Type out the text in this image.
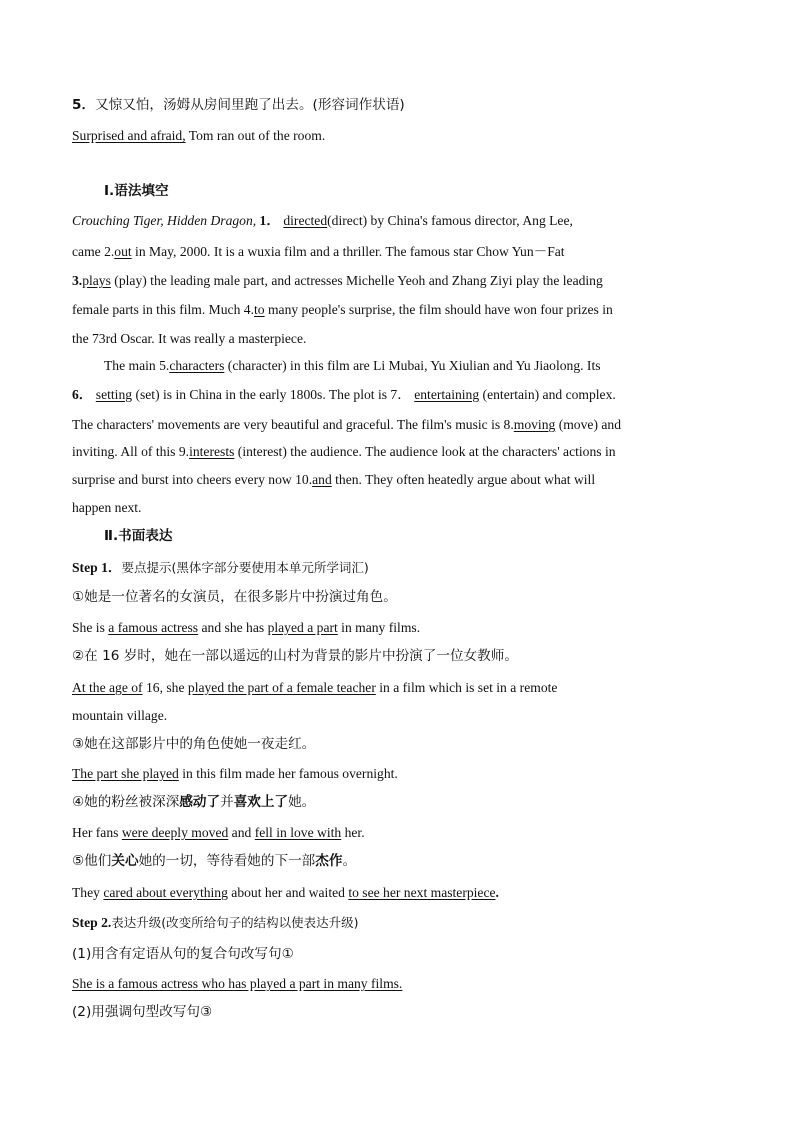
5．又惊又怕，汤姆从房间里跑了出去。(形容词作状语)
Surprised and afraid, Tom ran out of the room.
Ⅰ.语法填空
Crouching Tiger, Hidden Dragon, 1． directed(direct) by China's famous director, Ang Lee,
came 2.out in May, 2000. It is a wuxia film and a thriller. The famous star Chow Yun－Fat
3.plays (play) the leading male part, and actresses Michelle Yeoh and Zhang Ziyi play the leading
female parts in this film. Much 4.to many people's surprise, the film should have won four prizes in
the 73rd Oscar. It was really a masterpiece.
The main 5.characters (character) in this film are Li Mubai, Yu Xiulian and Yu Jiaolong. Its
6． setting (set) is in China in the early 1800s. The plot is 7． entertaining (entertain) and complex.
The characters' movements are very beautiful and graceful. The film's music is 8.moving (move) and
inviting. All of this 9.interests (interest) the audience. The audience look at the characters' actions in
surprise and burst into cheers every now 10.and then. They often heatedly argue about what will
happen next.
Ⅱ.书面表达
Step 1．要点提示(黑体字部分要使用本单元所学词汇)
①她是一位著名的女演员，在很多影片中扮演过角色。
She is a famous actress and she has played a part in many films.
②在 16 岁时，她在一部以遥远的山村为背景的影片中扮演了一位女教师。
At the age of 16, she played the part of a female teacher in a film which is set in a remote
mountain village.
③她在这部影片中的角色使她一夜走红。
The part she played in this film made her famous overnight.
④她的粉丝被深深感动了并喜欢上了她。
Her fans were deeply moved and fell in love with her.
⑤他们关心她的一切，等待看她的下一部杰作。
They cared about everything about her and waited to see her next masterpiece.
Step 2.表达升级(改变所给句子的结构以使表达升级)
(1)用含有定语从句的复合句改写句①
She is a famous actress who has played a part in many films.
(2)用强调句型改写句③
